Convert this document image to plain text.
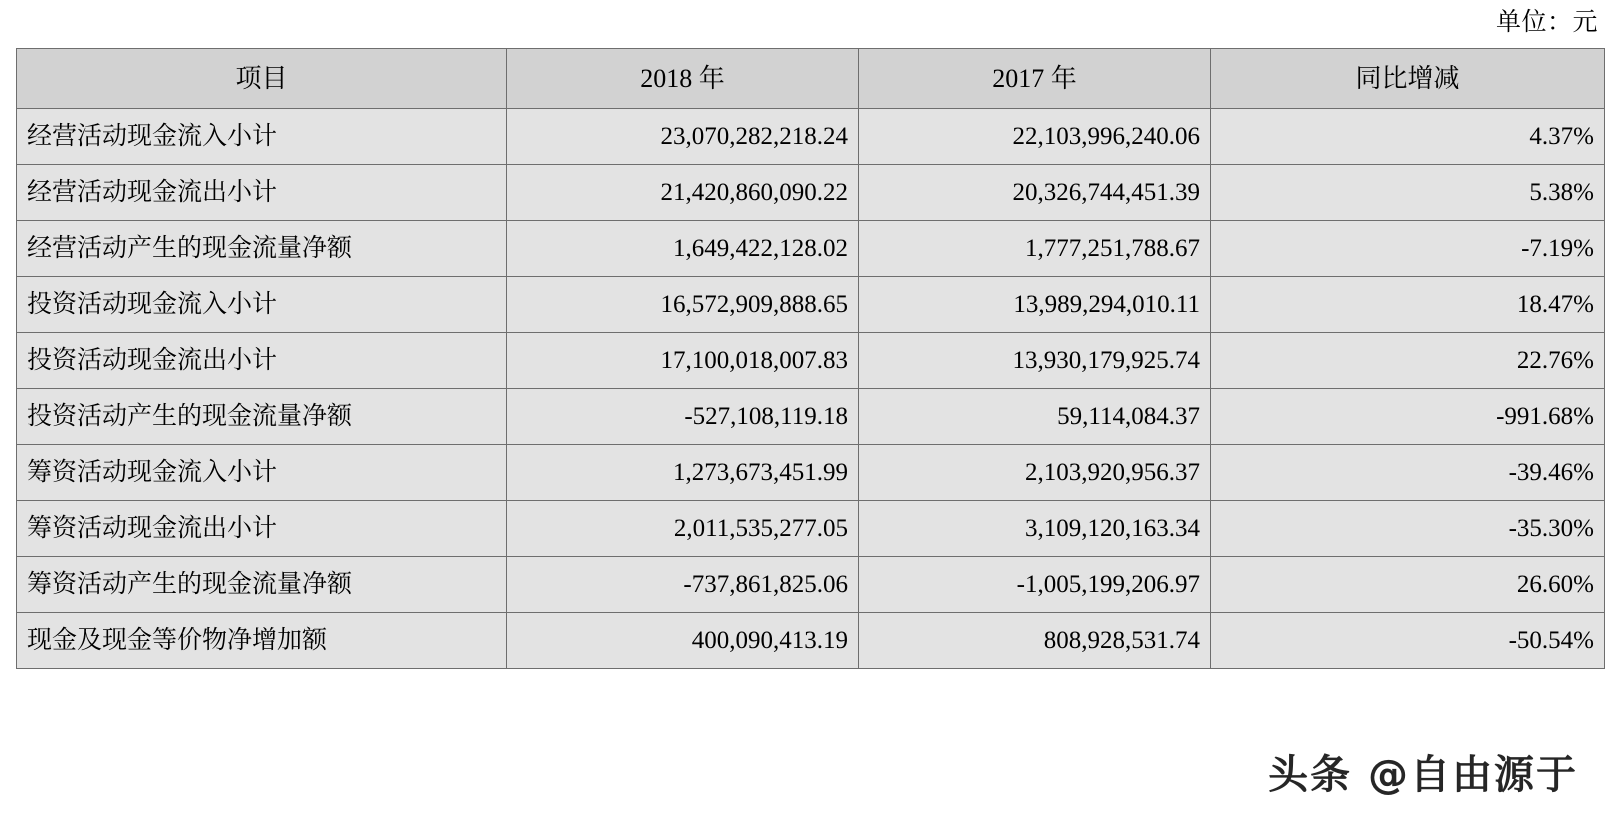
单位：元
项目	2018 年	2017 年	同比增减
经营活动现金流入小计	23,070,282,218.24	22,103,996,240.06	4.37%
经营活动现金流出小计	21,420,860,090.22	20,326,744,451.39	5.38%
经营活动产生的现金流量净额	1,649,422,128.02	1,777,251,788.67	-7.19%
投资活动现金流入小计	16,572,909,888.65	13,989,294,010.11	18.47%
投资活动现金流出小计	17,100,018,007.83	13,930,179,925.74	22.76%
投资活动产生的现金流量净额	-527,108,119.18	59,114,084.37	-991.68%
筹资活动现金流入小计	1,273,673,451.99	2,103,920,956.37	-39.46%
筹资活动现金流出小计	2,011,535,277.05	3,109,120,163.34	-35.30%
筹资活动产生的现金流量净额	-737,861,825.06	-1,005,199,206.97	26.60%
现金及现金等价物净增加额	400,090,413.19	808,928,531.74	-50.54%
头条 @自由源于
